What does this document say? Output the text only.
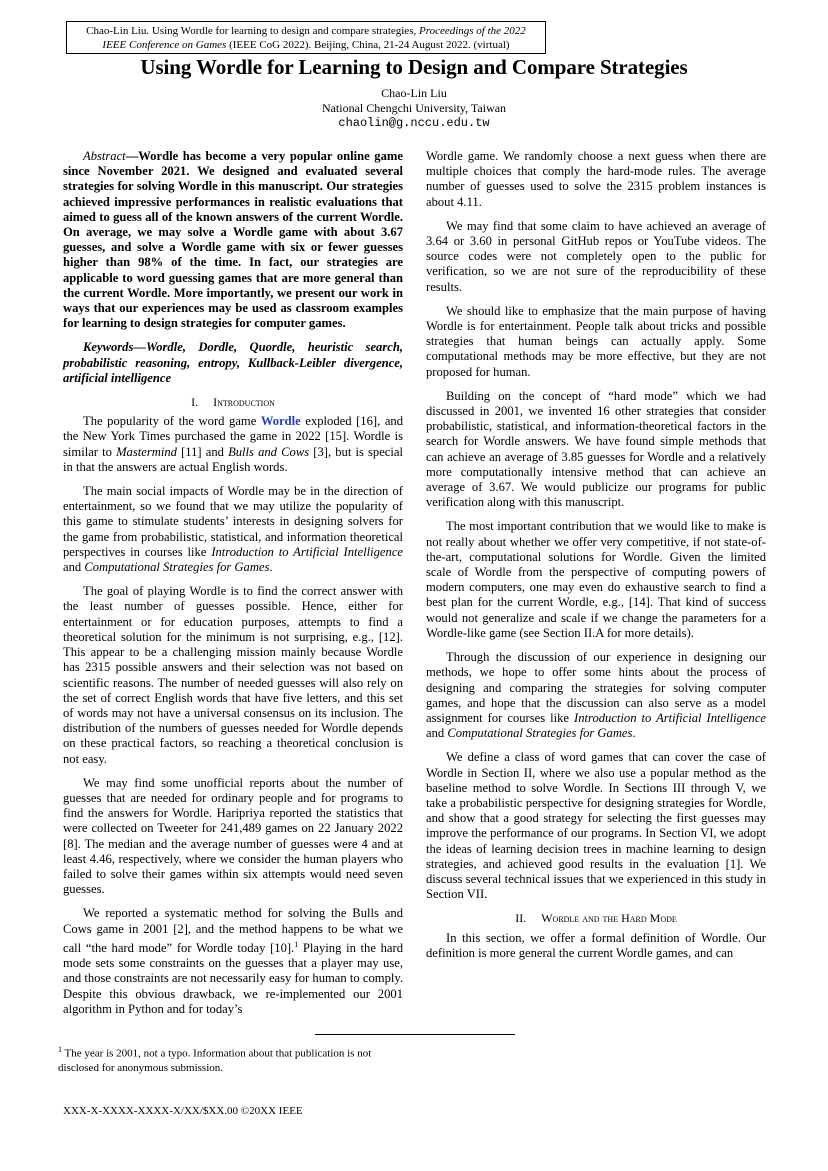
Chao-Lin Liu. Using Wordle for learning to design and compare strategies, Proceedings of the 2022
IEEE Conference on Games (IEEE CoG 2022). Beijing, China, 21-24 August 2022. (virtual)
Using Wordle for Learning to Design and Compare Strategies
Chao-Lin Liu
National Chengchi University, Taiwan
chaolin@g.nccu.edu.tw

Abstract—Wordle has become a very popular online game since November 2021. We designed and evaluated several strategies for solving Wordle in this manuscript. Our strategies achieved impressive performances in realistic evaluations that aimed to guess all of the known answers of the current Wordle. On average, we may solve a Wordle game with about 3.67 guesses, and solve a Wordle game with six or fewer guesses higher than 98% of the time. In fact, our strategies are applicable to word guessing games that are more general than the current Wordle. More importantly, we present our work in ways that our experiences may be used as classroom examples for learning to design strategies for computer games.

Keywords—Wordle, Dordle, Quordle, heuristic search, probabilistic reasoning, entropy, Kullback-Leibler divergence, artificial intelligence

I. Introduction

The popularity of the word game Wordle exploded [16], and the New York Times purchased the game in 2022 [15]. Wordle is similar to Mastermind [11] and Bulls and Cows [3], but is special in that the answers are actual English words.

The main social impacts of Wordle may be in the direction of entertainment, so we found that we may utilize the popularity of this game to stimulate students’ interests in designing solvers for the game from probabilistic, statistical, and information theoretical perspectives in courses like Introduction to Artificial Intelligence and Computational Strategies for Games.

The goal of playing Wordle is to find the correct answer with the least number of guesses possible. Hence, either for entertainment or for education purposes, attempts to find a theoretical solution for the minimum is not surprising, e.g., [12]. This appear to be a challenging mission mainly because Wordle has 2315 possible answers and their selection was not based on scientific reasons. The number of needed guesses will also rely on the set of correct English words that have five letters, and this set of words may not have a universal consensus on its inclusion. The distribution of the numbers of guesses needed for Wordle depends on these practical factors, so reaching a theoretical conclusion is not easy.

We may find some unofficial reports about the number of guesses that are needed for ordinary people and for programs to find the answers for Wordle. Haripriya reported the statistics that were collected on Tweeter for 241,489 games on 22 January 2022 [8]. The median and the average number of guesses were 4 and at least 4.46, respectively, where we consider the human players who failed to solve their games within six attempts would need seven guesses.

We reported a systematic method for solving the Bulls and Cows game in 2001 [2], and the method happens to be what we call “the hard mode” for Wordle today [10].$^1$ Playing in the hard mode sets some constraints on the guesses that a player may use, and those constraints are not necessarily easy for human to comply. Despite this obvious drawback, we re-implemented our 2001 algorithm in Python and for today’s

Wordle game. We randomly choose a next guess when there are multiple choices that comply the hard-mode rules. The average number of guesses used to solve the 2315 problem instances is about 4.11.

We may find that some claim to have achieved an average of 3.64 or 3.60 in personal GitHub repos or YouTube videos. The source codes were not completely open to the public for verification, so we are not sure of the reproducibility of these results.

We should like to emphasize that the main purpose of having Wordle is for entertainment. People talk about tricks and possible strategies that human beings can actually apply. Some computational methods may be more effective, but they are not proposed for human.

Building on the concept of “hard mode” which we had discussed in 2001, we invented 16 other strategies that consider probabilistic, statistical, and information-theoretical factors in the search for Wordle answers. We have found simple methods that can achieve an average of 3.85 guesses for Wordle and a relatively more computationally intensive method that can achieve an average of 3.67. We would publicize our programs for public verification along with this manuscript.

The most important contribution that we would like to make is not really about whether we offer very competitive, if not state-of-the-art, computational solutions for Wordle. Given the limited scale of Wordle from the perspective of computing powers of modern computers, one may even do exhaustive search to find a best plan for the current Wordle, e.g., [14]. That kind of success would not generalize and scale if we change the parameters for a Wordle-like game (see Section II.A for more details).

Through the discussion of our experience in designing our methods, we hope to offer some hints about the process of designing and comparing the strategies for solving computer games, and hope that the discussion can also serve as a model assignment for courses like Introduction to Artificial Intelligence and Computational Strategies for Games.

We define a class of word games that can cover the case of Wordle in Section II, where we also use a popular method as the baseline method to solve Wordle. In Sections III through V, we take a probabilistic perspective for designing strategies for Wordle, and show that a good strategy for selecting the first guesses may improve the performance of our programs. In Section VI, we adopt the ideas of learning decision trees in machine learning to design strategies, and achieved good results in the evaluation [1]. We discuss several technical issues that we experienced in this study in Section VII.

II. Wordle and the Hard Mode

In this section, we offer a formal definition of Wordle. Our definition is more general the current Wordle games, and can

$^1$ The year is 2001, not a typo. Information about that publication is not disclosed for anonymous submission.
XXX-X-XXXX-XXXX-X/XX/$XX.00 ©20XX IEEE
